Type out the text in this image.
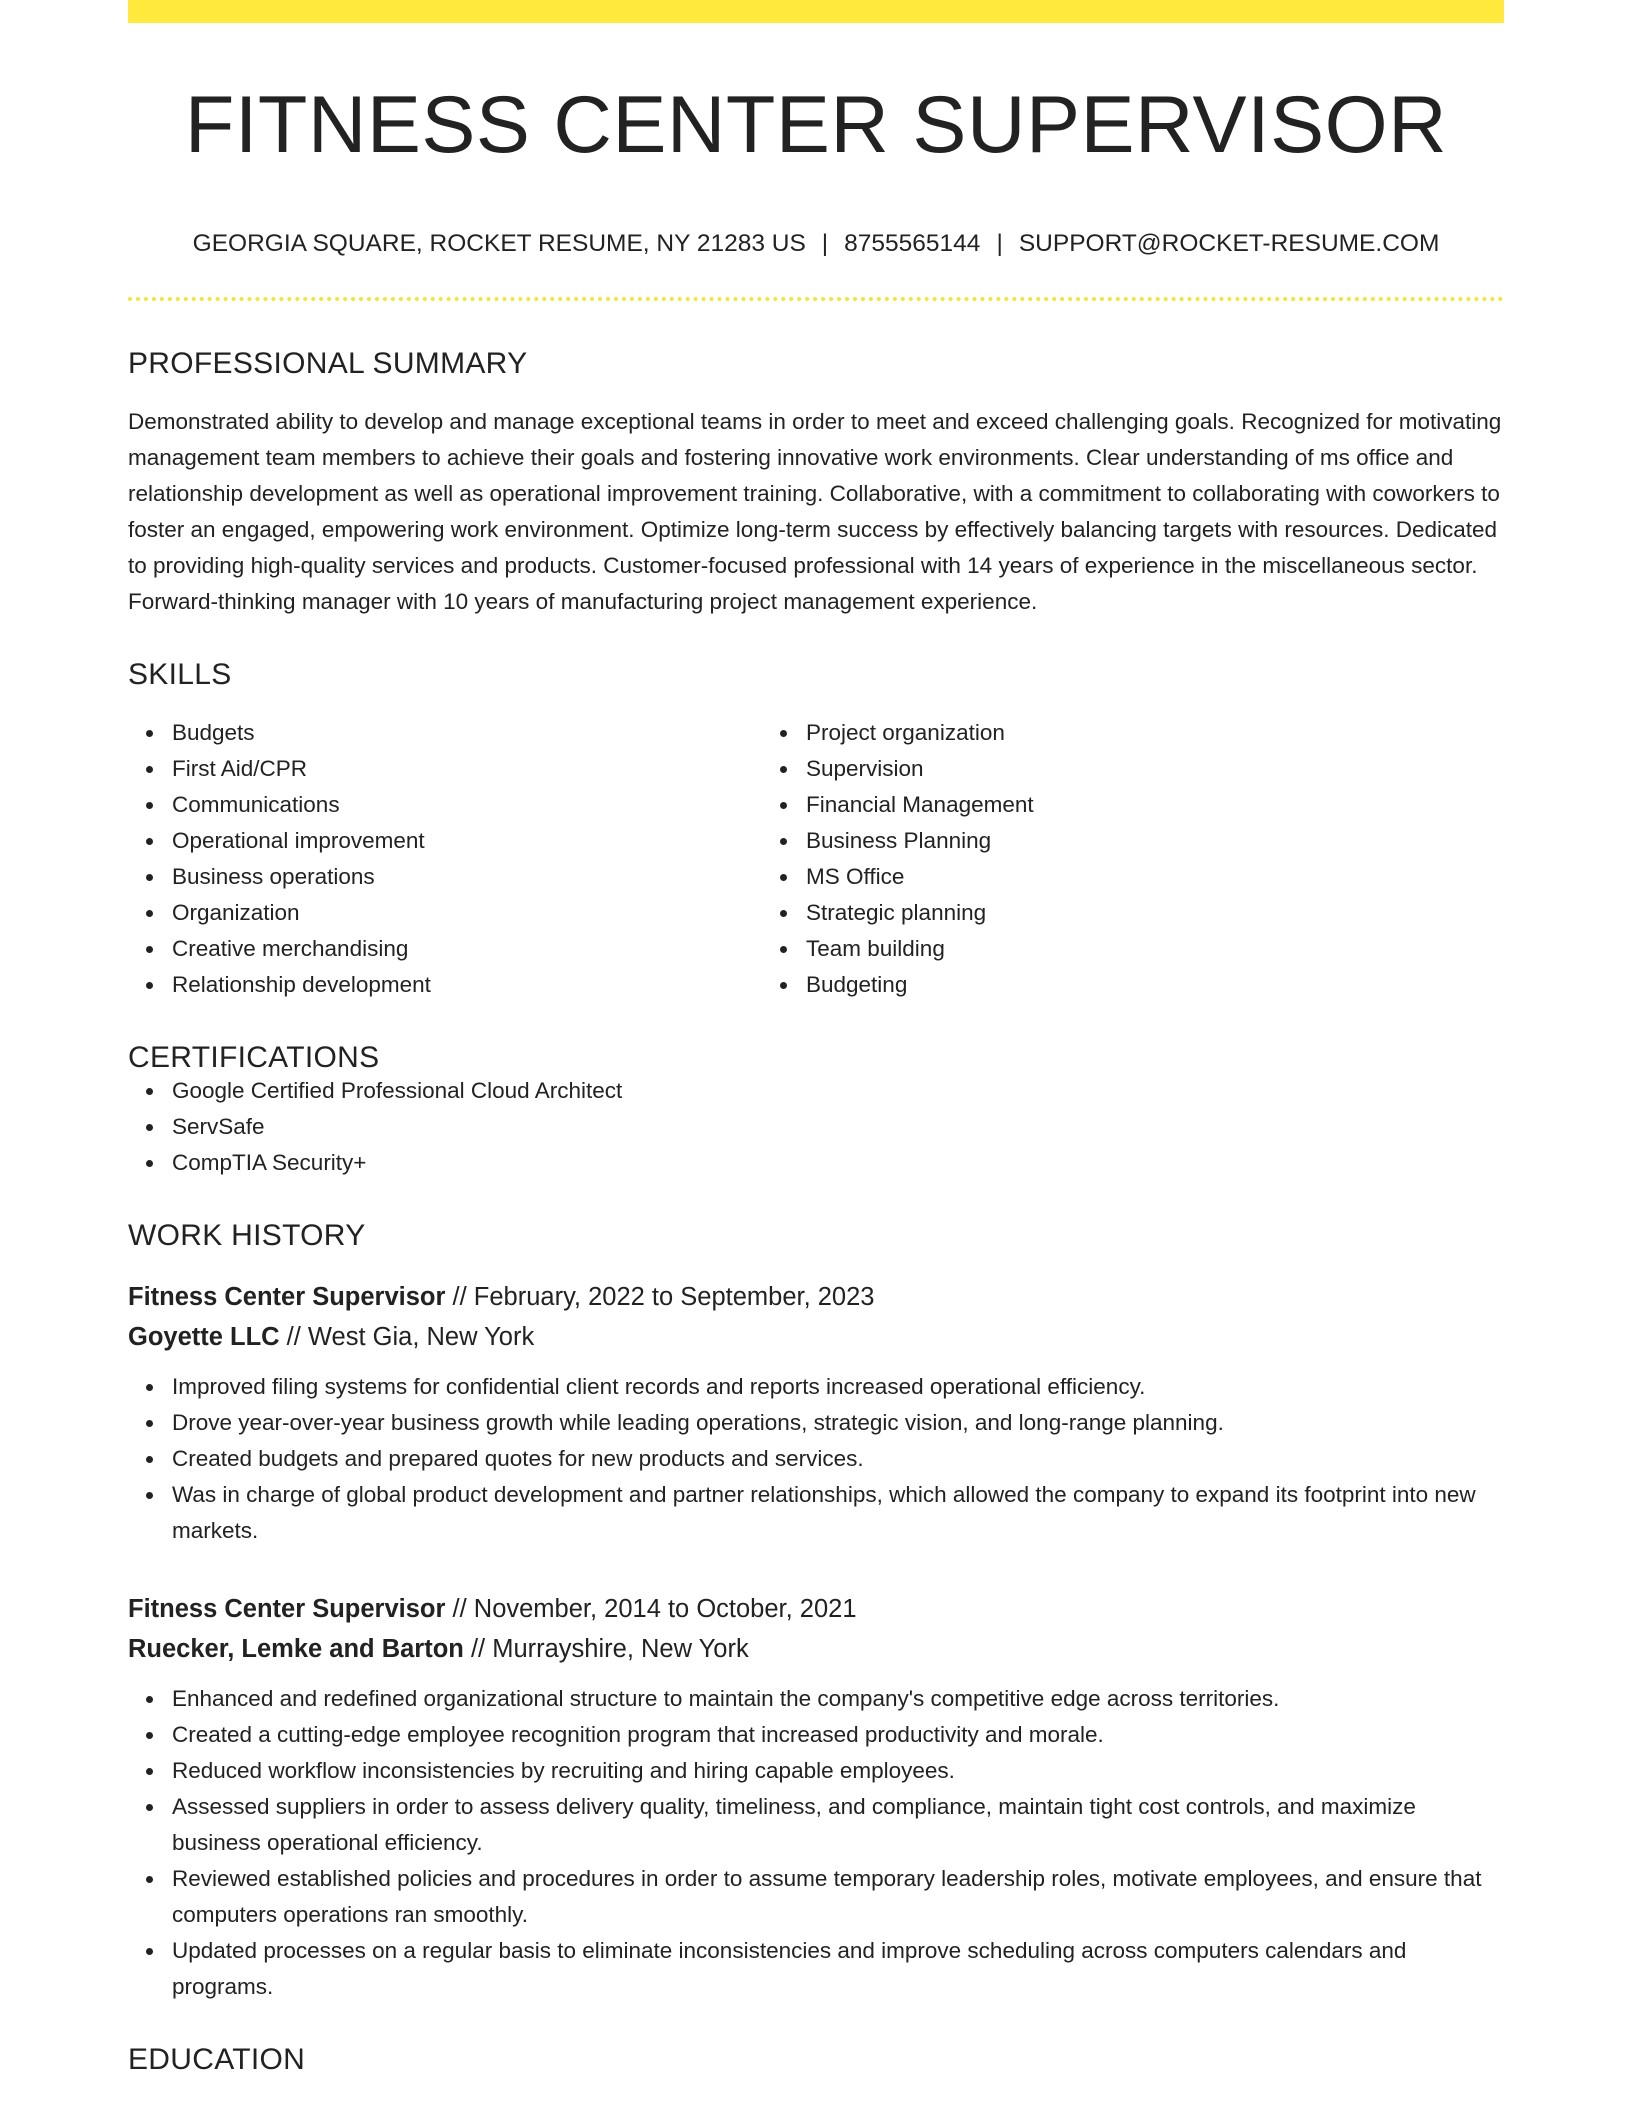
FITNESS CENTER SUPERVISOR
GEORGIA SQUARE, ROCKET RESUME, NY 21283 US | 8755565144 | SUPPORT@ROCKET-RESUME.COM
PROFESSIONAL SUMMARY
Demonstrated ability to develop and manage exceptional teams in order to meet and exceed challenging goals. Recognized for motivating management team members to achieve their goals and fostering innovative work environments. Clear understanding of ms office and relationship development as well as operational improvement training. Collaborative, with a commitment to collaborating with coworkers to foster an engaged, empowering work environment. Optimize long-term success by effectively balancing targets with resources. Dedicated to providing high-quality services and products. Customer-focused professional with 14 years of experience in the miscellaneous sector. Forward-thinking manager with 10 years of manufacturing project management experience.
SKILLS
Budgets
First Aid/CPR
Communications
Operational improvement
Business operations
Organization
Creative merchandising
Relationship development
Project organization
Supervision
Financial Management
Business Planning
MS Office
Strategic planning
Team building
Budgeting
CERTIFICATIONS
Google Certified Professional Cloud Architect
ServSafe
CompTIA Security+
WORK HISTORY
Fitness Center Supervisor // February, 2022 to September, 2023
Goyette LLC // West Gia, New York
Improved filing systems for confidential client records and reports increased operational efficiency.
Drove year-over-year business growth while leading operations, strategic vision, and long-range planning.
Created budgets and prepared quotes for new products and services.
Was in charge of global product development and partner relationships, which allowed the company to expand its footprint into new markets.
Fitness Center Supervisor // November, 2014 to October, 2021
Ruecker, Lemke and Barton // Murrayshire, New York
Enhanced and redefined organizational structure to maintain the company's competitive edge across territories.
Created a cutting-edge employee recognition program that increased productivity and morale.
Reduced workflow inconsistencies by recruiting and hiring capable employees.
Assessed suppliers in order to assess delivery quality, timeliness, and compliance, maintain tight cost controls, and maximize business operational efficiency.
Reviewed established policies and procedures in order to assume temporary leadership roles, motivate employees, and ensure that computers operations ran smoothly.
Updated processes on a regular basis to eliminate inconsistencies and improve scheduling across computers calendars and programs.
EDUCATION
